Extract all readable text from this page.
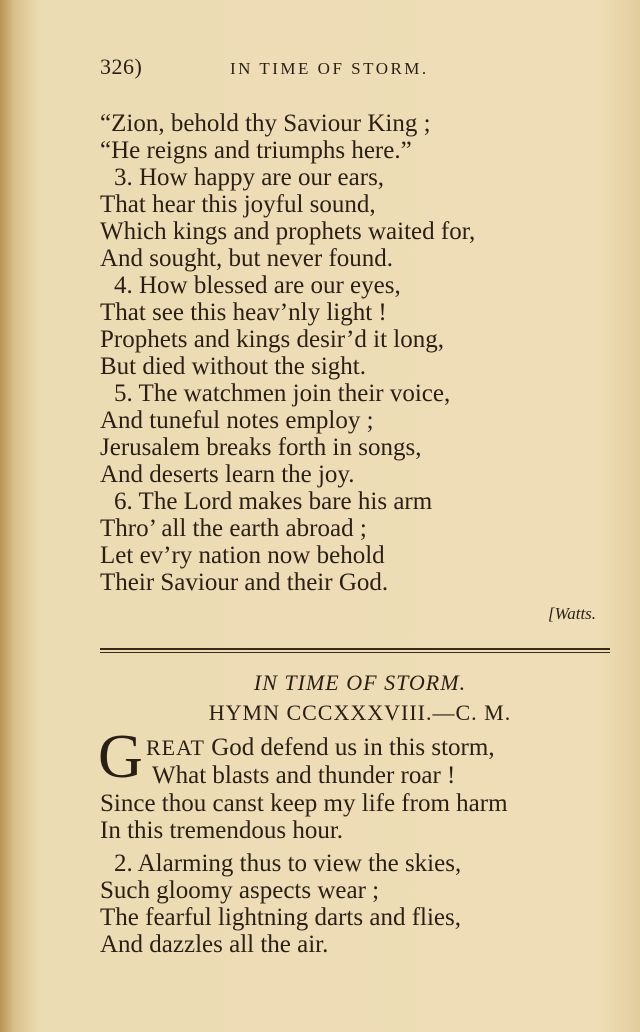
326)	IN TIME OF STORM.
“Zion, behold thy Saviour King ;
“He reigns and triumphs here.”
3. How happy are our ears,
That hear this joyful sound,
Which kings and prophets waited for,
And sought, but never found.
4. How blessed are our eyes,
That see this heav’nly light !
Prophets and kings desir’d it long,
But died without the sight.
5. The watchmen join their voice,
And tuneful notes employ ;
Jerusalem breaks forth in songs,
And deserts learn the joy.
6. The Lord makes bare his arm
Thro’ all the earth abroad ;
Let ev’ry nation now behold
Their Saviour and their God.
[Watts.
IN TIME OF STORM.
HYMN CCCXXXVIII.—C. M.
G REAT God defend us in this storm,
What blasts and thunder roar !
Since thou canst keep my life from harm
In this tremendous hour.
2. Alarming thus to view the skies,
Such gloomy aspects wear ;
The fearful lightning darts and flies,
And dazzles all the air.
